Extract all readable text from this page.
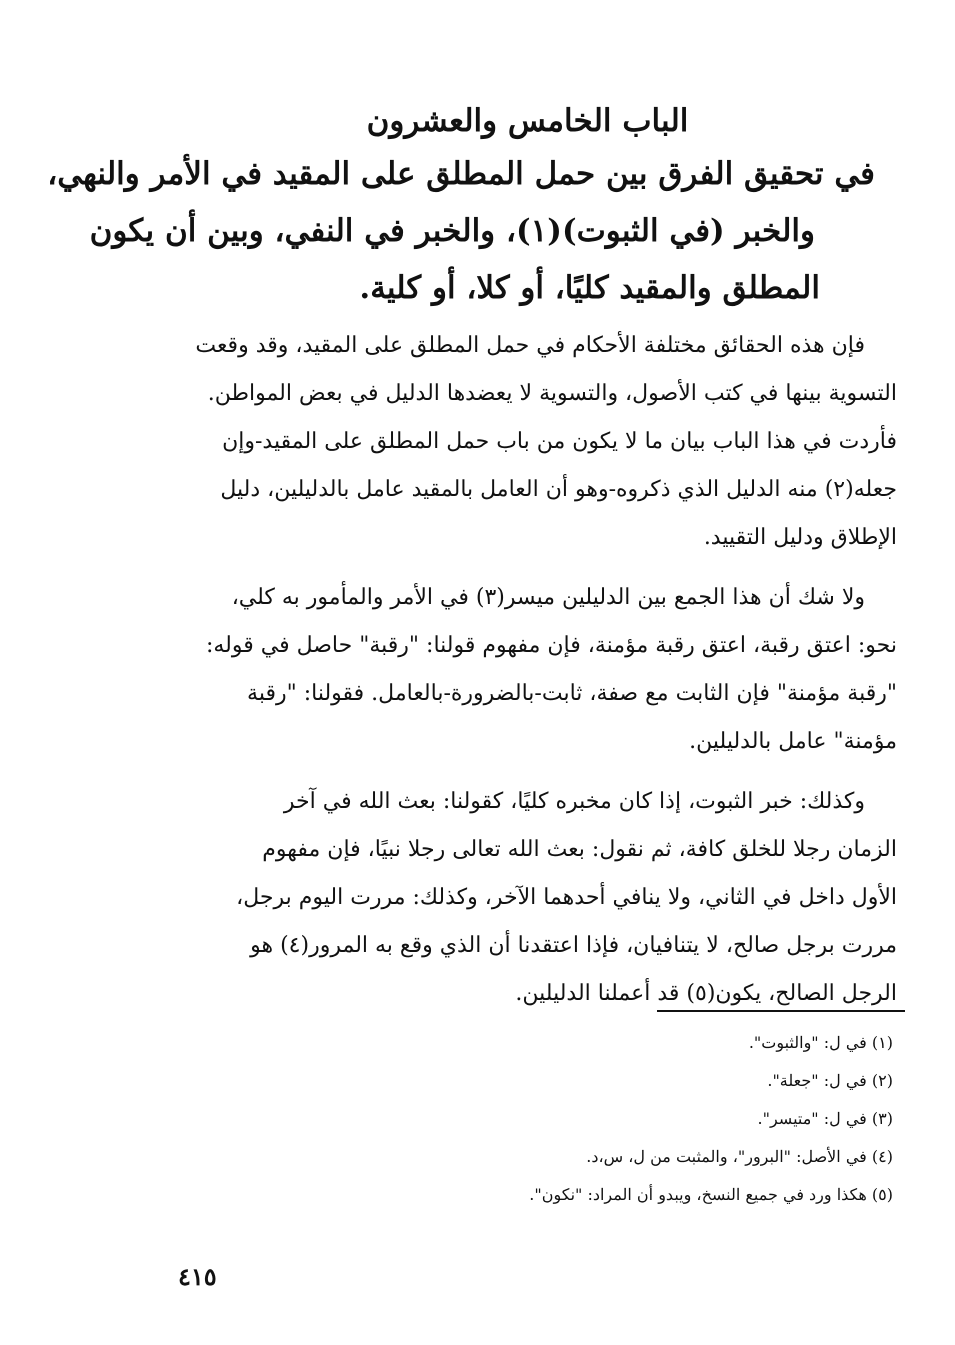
الباب الخامس والعشرون
في تحقيق الفرق بين حمل المطلق على المقيد في الأمر والنهي،
والخبر (في الثبوت)(١)، والخبر في النفي، وبين أن يكون
المطلق والمقيد كليًا، أو كلا، أو كلية.

فإن هذه الحقائق مختلفة الأحكام في حمل المطلق على المقيد، وقد وقعت
التسوية بينها في كتب الأصول، والتسوية لا يعضدها الدليل في بعض المواطن.
فأردت في هذا الباب بيان ما لا يكون من باب حمل المطلق على المقيد-وإن
جعله(٢) منه الدليل الذي ذكروه-وهو أن العامل بالمقيد عامل بالدليلين، دليل
الإطلاق ودليل التقييد.

ولا شك أن هذا الجمع بين الدليلين ميسر(٣) في الأمر والمأمور به كلي،
نحو: اعتق رقبة، اعتق رقبة مؤمنة، فإن مفهوم قولنا: "رقبة" حاصل في قوله:
"رقبة مؤمنة" فإن الثابت مع صفة، ثابت-بالضرورة-بالعامل. فقولنا: "رقبة
مؤمنة" عامل بالدليلين.

وكذلك: خبر الثبوت، إذا كان مخبره كليًا، كقولنا: بعث الله في آخر
الزمان رجلا للخلق كافة، ثم نقول: بعث الله تعالى رجلا نبيًا، فإن مفهوم
الأول داخل في الثاني، ولا ينافي أحدهما الآخر، وكذلك: مررت اليوم برجل،
مررت برجل صالح، لا يتنافيان، فإذا اعتقدنا أن الذي وقع به المرور(٤) هو
الرجل الصالح، يكون(٥) قد أعملنا الدليلين.

(١) في ل: "والثبوت".
(٢) في ل: "جعلة".
(٣) في ل: "متيسر".
(٤) في الأصل: "البرور"، والمثبت من ل، س،د.
(٥) هكذا ورد في جميع النسخ، ويبدو أن المراد: "نكون".
٤١٥
